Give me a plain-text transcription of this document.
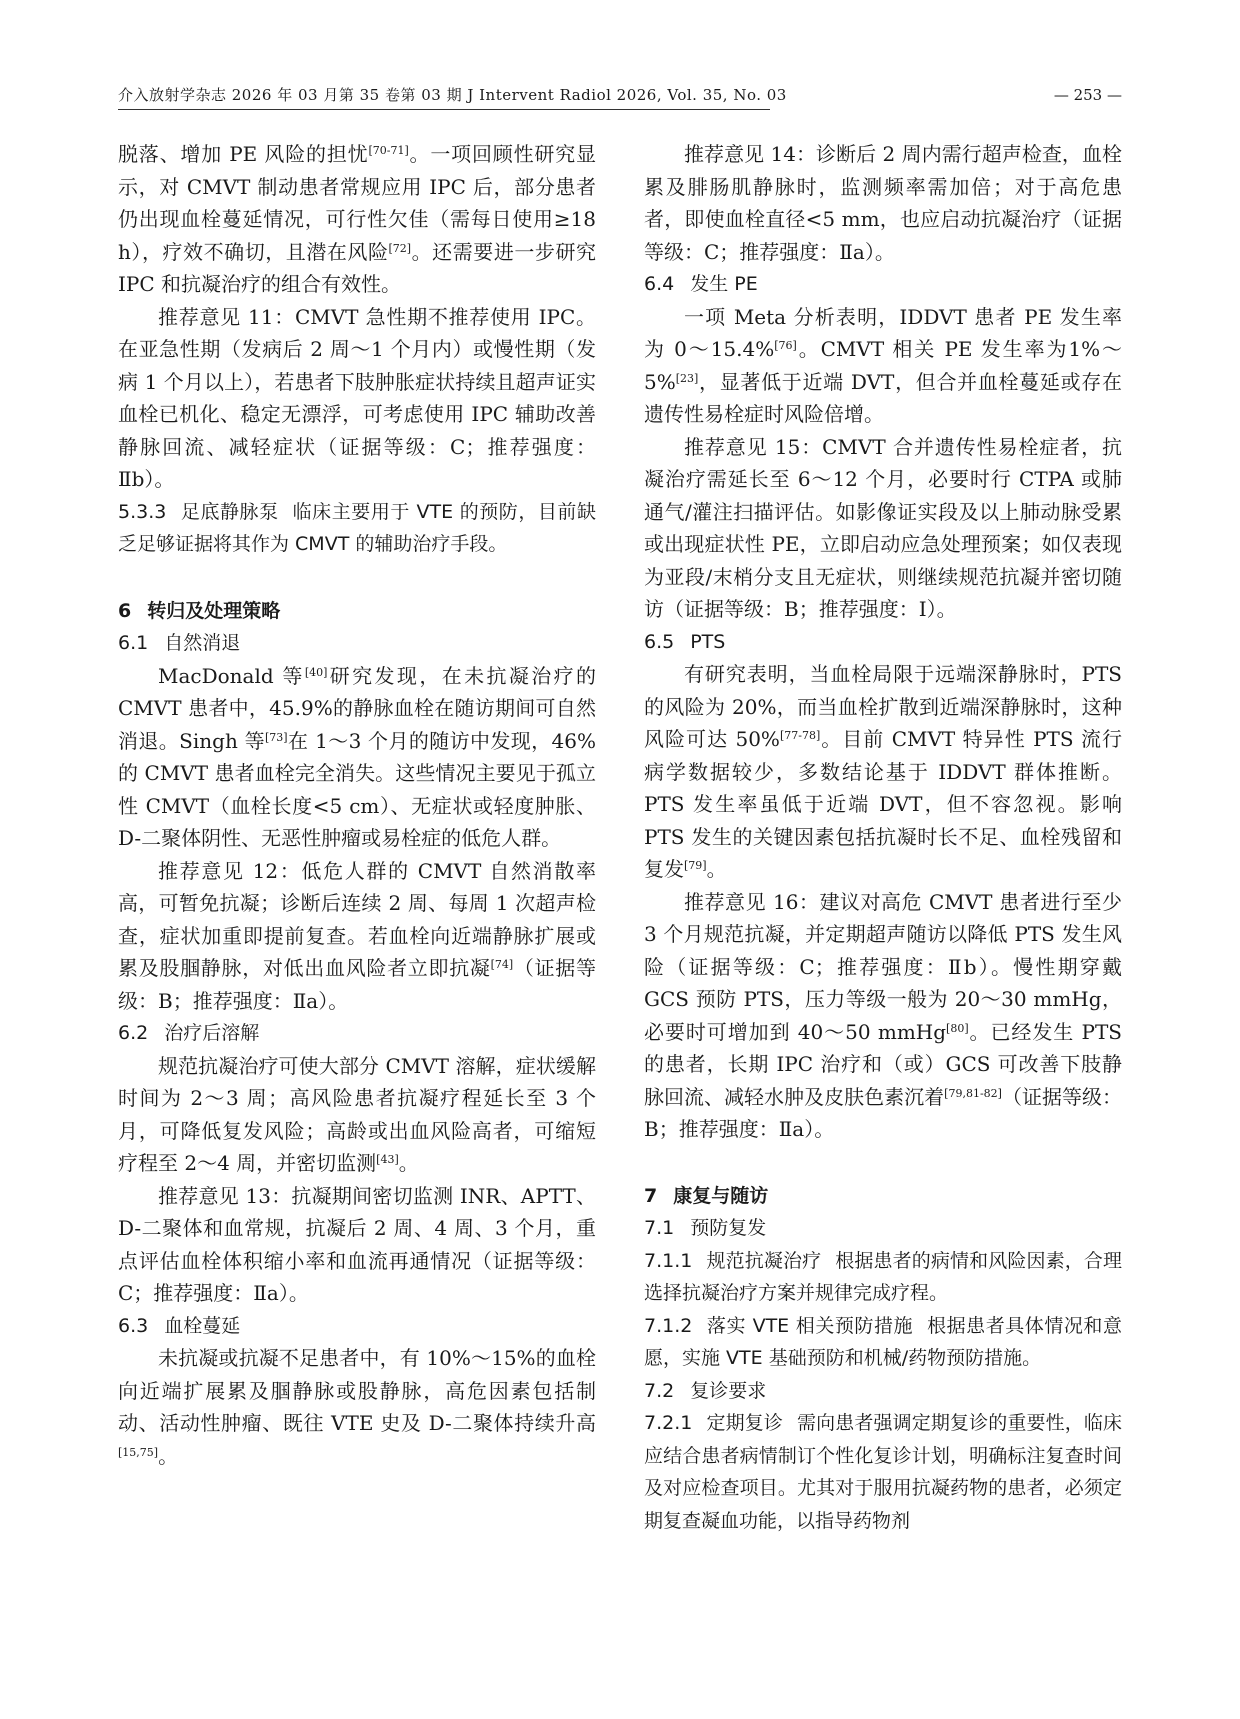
介入放射学杂志 2026 年 03 月第 35 卷第 03 期 J Intervent Radiol 2026, Vol. 35, No. 03	— 253 —

脱落、增加 PE 风险的担忧[70-71]。一项回顾性研究显示，对 CMVT 制动患者常规应用 IPC 后，部分患者仍出现血栓蔓延情况，可行性欠佳（需每日使用≥18 h），疗效不确切，且潜在风险[72]。还需要进一步研究 IPC 和抗凝治疗的组合有效性。

推荐意见 11：CMVT 急性期不推荐使用 IPC。在亚急性期（发病后 2 周～1 个月内）或慢性期（发病 1 个月以上），若患者下肢肿胀症状持续且超声证实血栓已机化、稳定无漂浮，可考虑使用 IPC 辅助改善静脉回流、减轻症状（证据等级：C；推荐强度：Ⅱb）。

5.3.3 足底静脉泵 临床主要用于 VTE 的预防，目前缺乏足够证据将其作为 CMVT 的辅助治疗手段。

6 转归及处理策略

6.1 自然消退

MacDonald 等[40]研究发现，在未抗凝治疗的 CMVT 患者中，45.9%的静脉血栓在随访期间可自然消退。Singh 等[73]在 1～3 个月的随访中发现，46%的 CMVT 患者血栓完全消失。这些情况主要见于孤立性 CMVT（血栓长度<5 cm）、无症状或轻度肿胀、D-二聚体阴性、无恶性肿瘤或易栓症的低危人群。

推荐意见 12：低危人群的 CMVT 自然消散率高，可暂免抗凝；诊断后连续 2 周、每周 1 次超声检查，症状加重即提前复查。若血栓向近端静脉扩展或累及股腘静脉，对低出血风险者立即抗凝[74]（证据等级：B；推荐强度：Ⅱa）。

6.2 治疗后溶解

规范抗凝治疗可使大部分 CMVT 溶解，症状缓解时间为 2～3 周；高风险患者抗凝疗程延长至 3 个月，可降低复发风险；高龄或出血风险高者，可缩短疗程至 2～4 周，并密切监测[43]。

推荐意见 13：抗凝期间密切监测 INR、APTT、D-二聚体和血常规，抗凝后 2 周、4 周、3 个月，重点评估血栓体积缩小率和血流再通情况（证据等级：C；推荐强度：Ⅱa）。

6.3 血栓蔓延

未抗凝或抗凝不足患者中，有 10%～15%的血栓向近端扩展累及腘静脉或股静脉，高危因素包括制动、活动性肿瘤、既往 VTE 史及 D-二聚体持续升高[15,75]。

推荐意见 14：诊断后 2 周内需行超声检查，血栓累及腓肠肌静脉时，监测频率需加倍；对于高危患者，即使血栓直径<5 mm，也应启动抗凝治疗（证据等级：C；推荐强度：Ⅱa）。

6.4 发生 PE

一项 Meta 分析表明，IDDVT 患者 PE 发生率为 0～15.4%[76]。CMVT 相关 PE 发生率为1%～5%[23]，显著低于近端 DVT，但合并血栓蔓延或存在遗传性易栓症时风险倍增。

推荐意见 15：CMVT 合并遗传性易栓症者，抗凝治疗需延长至 6～12 个月，必要时行 CTPA 或肺通气/灌注扫描评估。如影像证实段及以上肺动脉受累或出现症状性 PE，立即启动应急处理预案；如仅表现为亚段/末梢分支且无症状，则继续规范抗凝并密切随访（证据等级：B；推荐强度：Ⅰ）。

6.5 PTS

有研究表明，当血栓局限于远端深静脉时，PTS 的风险为 20%，而当血栓扩散到近端深静脉时，这种风险可达 50%[77-78]。目前 CMVT 特异性 PTS 流行病学数据较少，多数结论基于 IDDVT 群体推断。PTS 发生率虽低于近端 DVT，但不容忽视。影响 PTS 发生的关键因素包括抗凝时长不足、血栓残留和复发[79]。

推荐意见 16：建议对高危 CMVT 患者进行至少 3 个月规范抗凝，并定期超声随访以降低 PTS 发生风险（证据等级：C；推荐强度：Ⅱb）。慢性期穿戴 GCS 预防 PTS，压力等级一般为 20～30 mmHg，必要时可增加到 40～50 mmHg[80]。已经发生 PTS 的患者，长期 IPC 治疗和（或）GCS 可改善下肢静脉回流、减轻水肿及皮肤色素沉着[79,81-82]（证据等级：B；推荐强度：Ⅱa）。

7 康复与随访

7.1 预防复发

7.1.1 规范抗凝治疗 根据患者的病情和风险因素，合理选择抗凝治疗方案并规律完成疗程。

7.1.2 落实 VTE 相关预防措施 根据患者具体情况和意愿，实施 VTE 基础预防和机械/药物预防措施。

7.2 复诊要求

7.2.1 定期复诊 需向患者强调定期复诊的重要性，临床应结合患者病情制订个性化复诊计划，明确标注复查时间及对应检查项目。尤其对于服用抗凝药物的患者，必须定期复查凝血功能，以指导药物剂
